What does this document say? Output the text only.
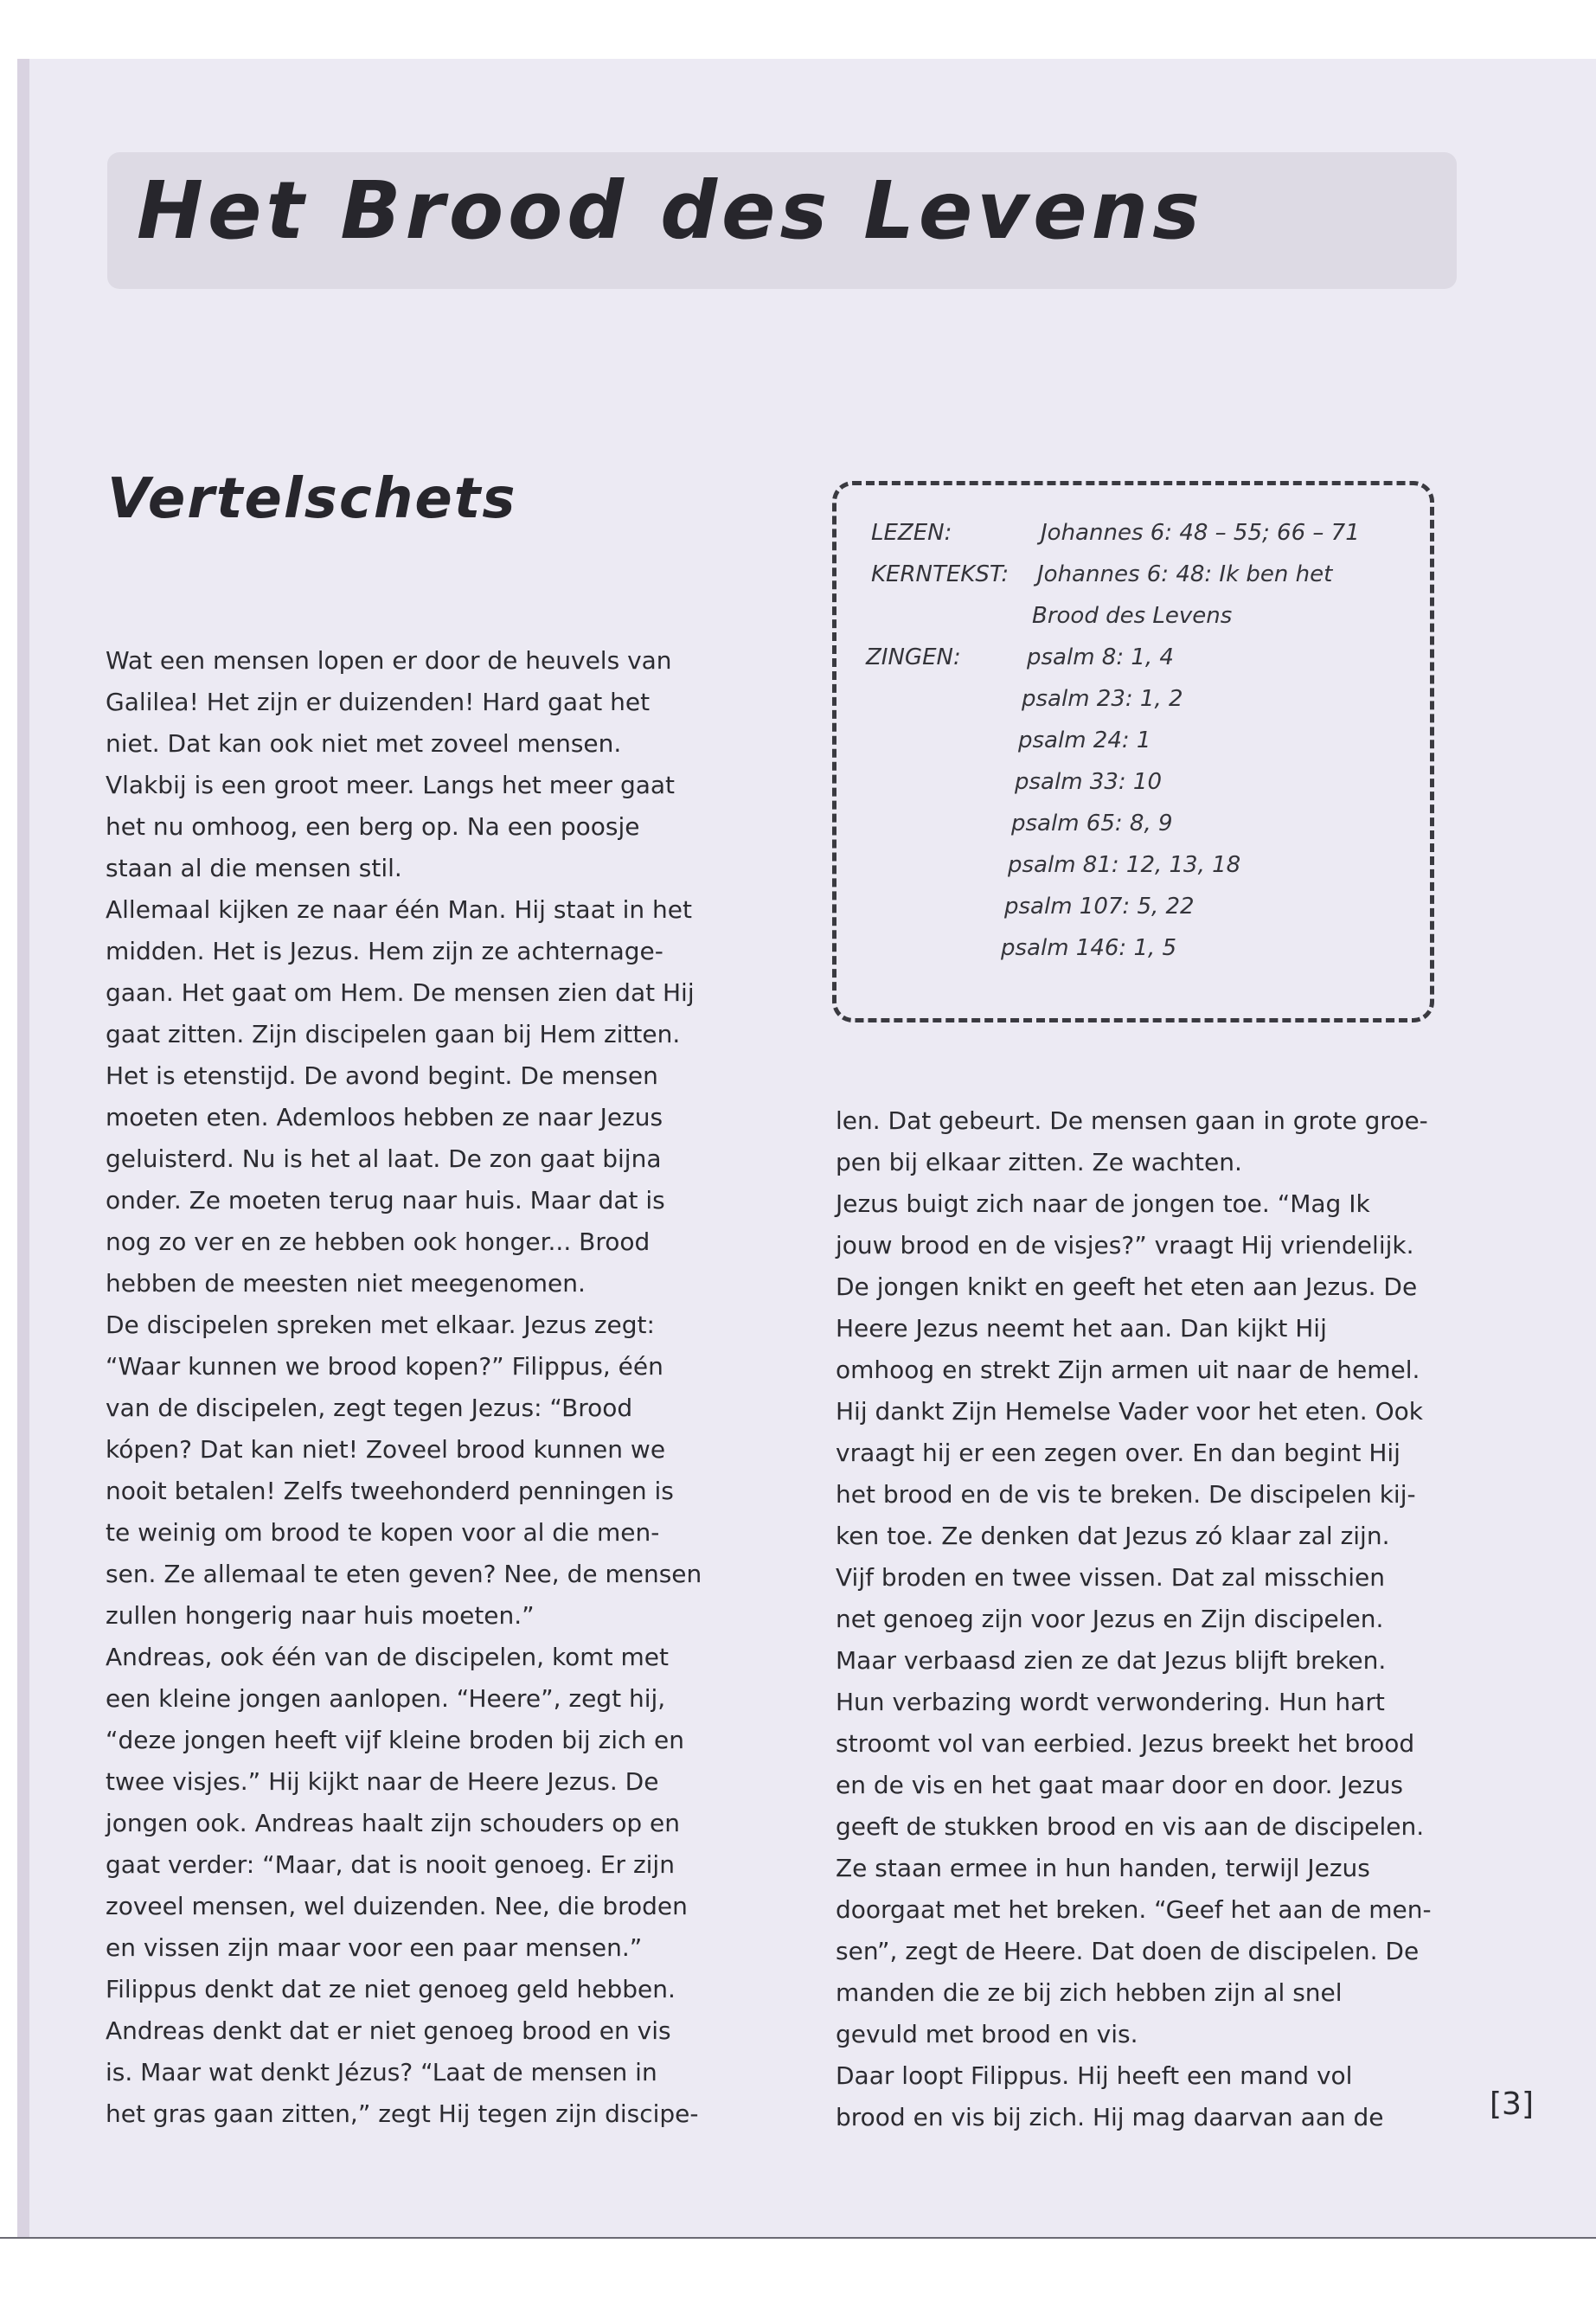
Het Brood des Levens
Vertelschets
LEZEN:	Johannes 6: 48 – 55; 66 – 71
KERNTEKST: Johannes 6: 48: Ik ben het
Brood des Levens
ZINGEN:	psalm 8: 1, 4
psalm 23: 1, 2
psalm 24: 1
psalm 33: 10
psalm 65: 8, 9
psalm 81: 12, 13, 18
psalm 107: 5, 22
psalm 146: 1, 5
Wat een mensen lopen er door de heuvels van
Galilea! Het zijn er duizenden! Hard gaat het
niet. Dat kan ook niet met zoveel mensen.
Vlakbij is een groot meer. Langs het meer gaat
het nu omhoog, een berg op. Na een poosje
staan al die mensen stil.
Allemaal kijken ze naar één Man. Hij staat in het
midden. Het is Jezus. Hem zijn ze achternage-
gaan. Het gaat om Hem. De mensen zien dat Hij
gaat zitten. Zijn discipelen gaan bij Hem zitten.
Het is etenstijd. De avond begint. De mensen
moeten eten. Ademloos hebben ze naar Jezus
geluisterd. Nu is het al laat. De zon gaat bijna
onder. Ze moeten terug naar huis. Maar dat is
nog zo ver en ze hebben ook honger... Brood
hebben de meesten niet meegenomen.
De discipelen spreken met elkaar. Jezus zegt:
“Waar kunnen we brood kopen?” Filippus, één
van de discipelen, zegt tegen Jezus: “Brood
kópen? Dat kan niet! Zoveel brood kunnen we
nooit betalen! Zelfs tweehonderd penningen is
te weinig om brood te kopen voor al die men-
sen. Ze allemaal te eten geven? Nee, de mensen
zullen hongerig naar huis moeten.”
Andreas, ook één van de discipelen, komt met
een kleine jongen aanlopen. “Heere”, zegt hij,
“deze jongen heeft vijf kleine broden bij zich en
twee visjes.” Hij kijkt naar de Heere Jezus. De
jongen ook. Andreas haalt zijn schouders op en
gaat verder: “Maar, dat is nooit genoeg. Er zijn
zoveel mensen, wel duizenden. Nee, die broden
en vissen zijn maar voor een paar mensen.”
Filippus denkt dat ze niet genoeg geld hebben.
Andreas denkt dat er niet genoeg brood en vis
is. Maar wat denkt Jézus? “Laat de mensen in
het gras gaan zitten,” zegt Hij tegen zijn discipe-
len. Dat gebeurt. De mensen gaan in grote groe-
pen bij elkaar zitten. Ze wachten.
Jezus buigt zich naar de jongen toe. “Mag Ik
jouw brood en de visjes?” vraagt Hij vriendelijk.
De jongen knikt en geeft het eten aan Jezus. De
Heere Jezus neemt het aan. Dan kijkt Hij
omhoog en strekt Zijn armen uit naar de hemel.
Hij dankt Zijn Hemelse Vader voor het eten. Ook
vraagt hij er een zegen over. En dan begint Hij
het brood en de vis te breken. De discipelen kij-
ken toe. Ze denken dat Jezus zó klaar zal zijn.
Vijf broden en twee vissen. Dat zal misschien
net genoeg zijn voor Jezus en Zijn discipelen.
Maar verbaasd zien ze dat Jezus blijft breken.
Hun verbazing wordt verwondering. Hun hart
stroomt vol van eerbied. Jezus breekt het brood
en de vis en het gaat maar door en door. Jezus
geeft de stukken brood en vis aan de discipelen.
Ze staan ermee in hun handen, terwijl Jezus
doorgaat met het breken. “Geef het aan de men-
sen”, zegt de Heere. Dat doen de discipelen. De
manden die ze bij zich hebben zijn al snel
gevuld met brood en vis.
Daar loopt Filippus. Hij heeft een mand vol
brood en vis bij zich. Hij mag daarvan aan de	[3]
